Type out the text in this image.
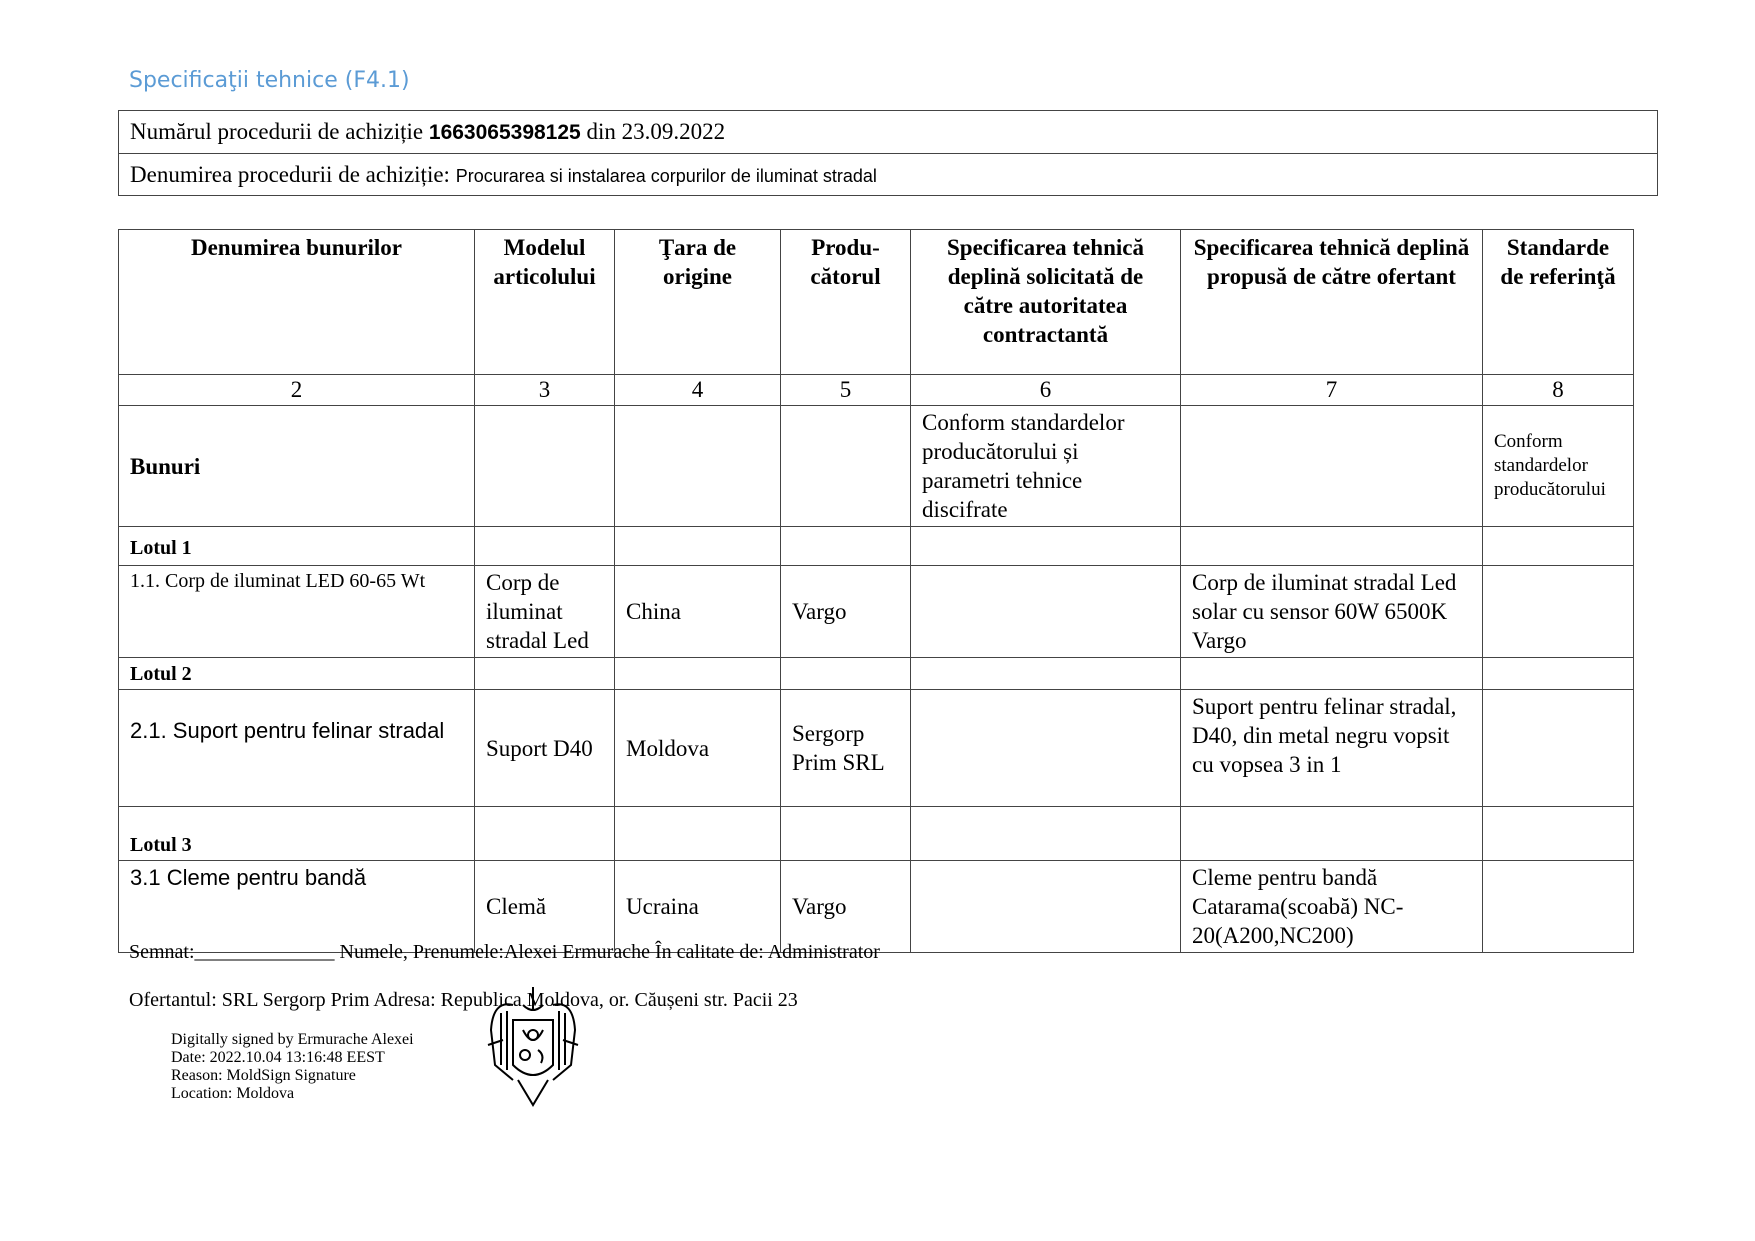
Specificaţii tehnice (F4.1)
Numărul procedurii de achiziție 1663065398125 din 23.09.2022
Denumirea procedurii de achiziție: Procurarea si instalarea corpurilor de iluminat stradal
Denumirea bunurilor	Modelul articolului	Ţara de origine	Produ-cătorul	Specificarea tehnică deplină solicitată de către autoritatea contractantă	Specificarea tehnică deplină propusă de către ofertant	Standarde de referinţă
2	3	4	5	6	7	8
Bunuri				Conform standardelor producătorului și parametri tehnice discifrate		Conform standardelor producătorului
Lotul 1						
1.1. Corp de iluminat LED 60-65 Wt	Corp de iluminat stradal Led	China	Vargo		Corp de iluminat stradal Led solar cu sensor 60W 6500K Vargo	
Lotul 2						
2.1. Suport pentru felinar stradal	Suport D40	Moldova	Sergorp Prim SRL		Suport pentru felinar stradal, D40, din metal negru vopsit cu vopsea 3 in 1	
Lotul 3						
3.1 Cleme pentru bandă	Clemă	Ucraina	Vargo		Cleme pentru bandă Catarama(scoabă) NC-20(A200,NC200)	
Semnat:______________ Numele, Prenumele:Alexei Ermurache În calitate de: Administrator
Ofertantul: SRL Sergorp Prim Adresa: Republica Moldova, or. Căușeni str. Pacii 23
Digitally signed by Ermurache Alexei
Date: 2022.10.04 13:16:48 EEST
Reason: MoldSign Signature
Location: Moldova
